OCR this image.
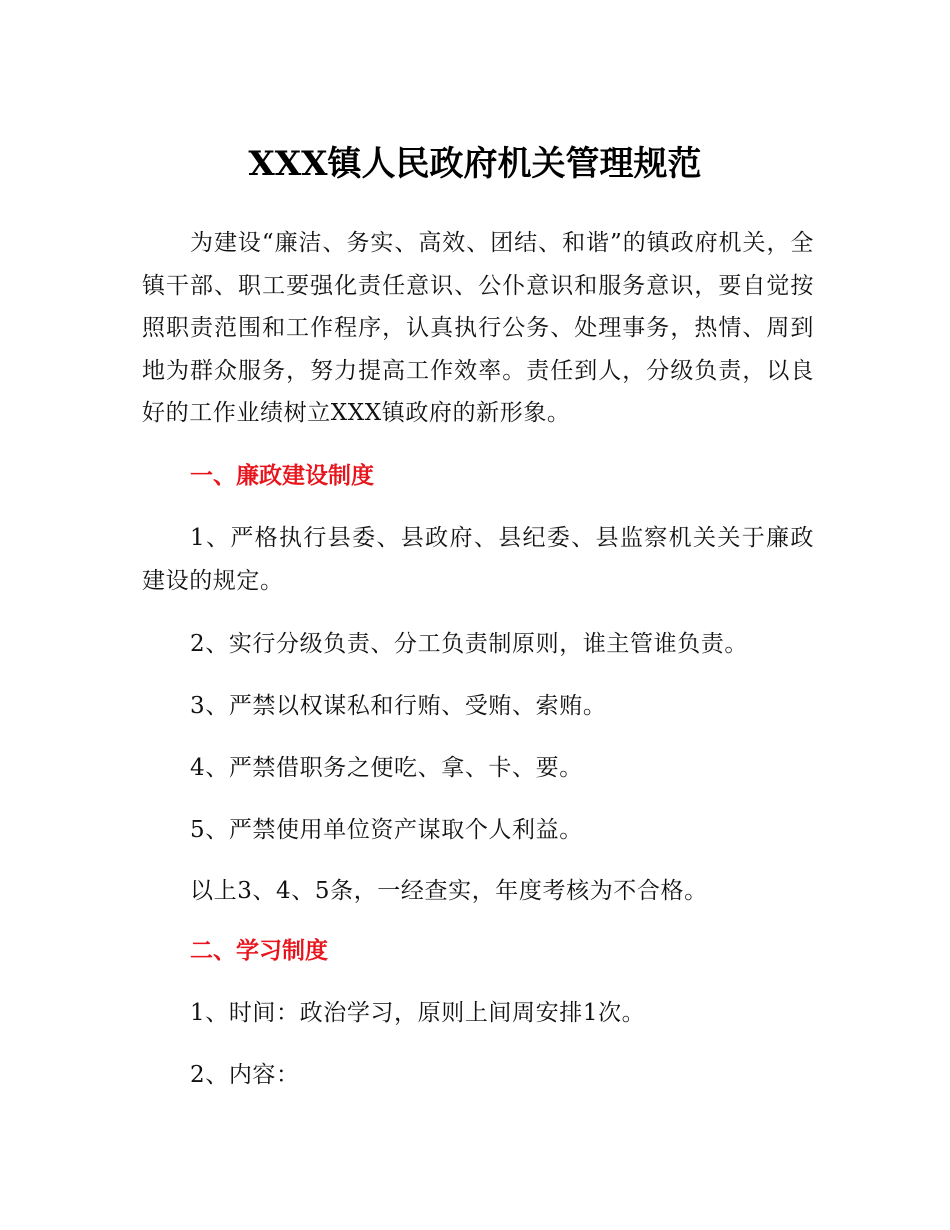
XXX镇人民政府机关管理规范

为建设“廉洁、务实、高效、团结、和谐”的镇政府机关，全镇干部、职工要强化责任意识、公仆意识和服务意识，要自觉按照职责范围和工作程序，认真执行公务、处理事务，热情、周到地为群众服务，努力提高工作效率。责任到人，分级负责，以良好的工作业绩树立XXX镇政府的新形象。

一、廉政建设制度

1、严格执行县委、县政府、县纪委、县监察机关关于廉政建设的规定。

2、实行分级负责、分工负责制原则，谁主管谁负责。
3、严禁以权谋私和行贿、受贿、索贿。
4、严禁借职务之便吃、拿、卡、要。
5、严禁使用单位资产谋取个人利益。
以上3、4、5条，一经查实，年度考核为不合格。
二、学习制度
1、时间：政治学习，原则上间周安排1次。
2、内容：
